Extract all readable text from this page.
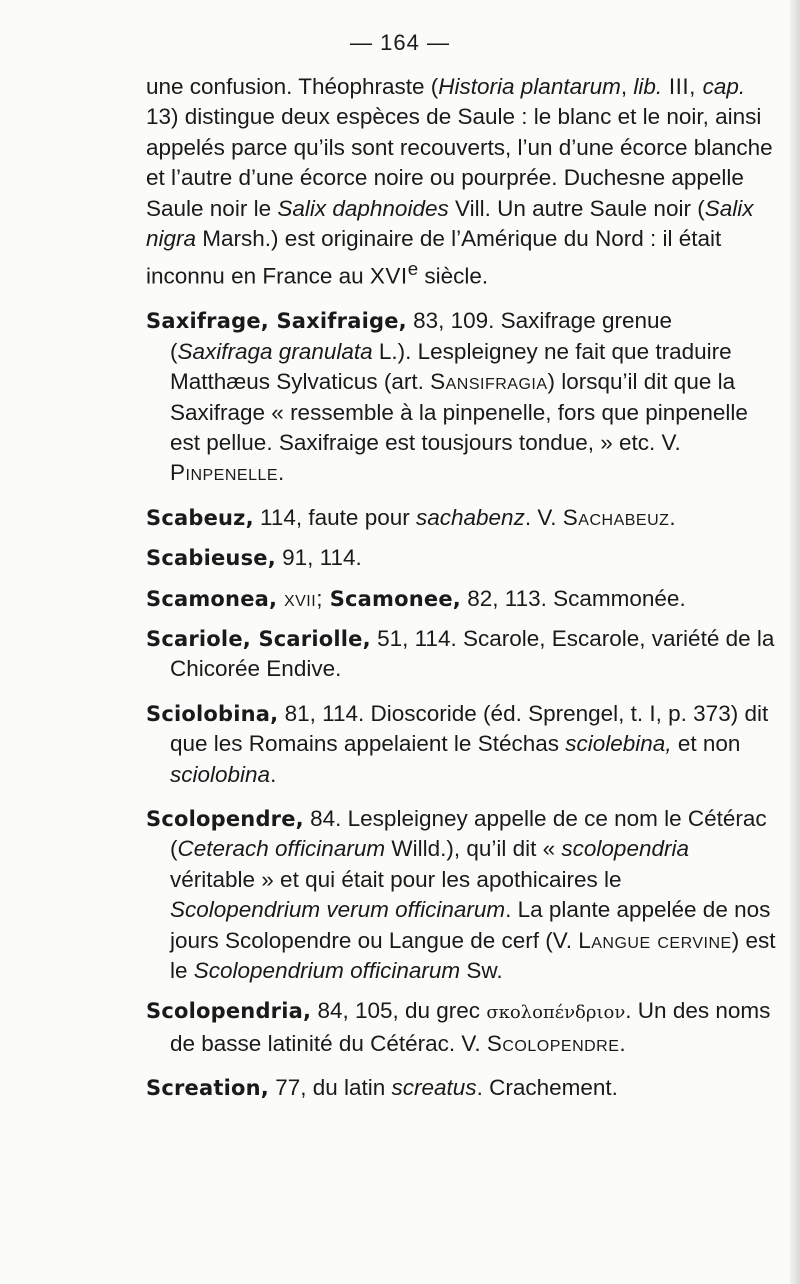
— 164 —

une confusion. Théophraste (Historia plantarum, lib. III, cap. 13) distingue deux espèces de Saule : le blanc et le noir, ainsi appelés parce qu’ils sont recouverts, l’un d’une écorce blanche et l’autre d’une écorce noire ou pourprée. Duchesne appelle Saule noir le Salix daphnoides Vill. Un autre Saule noir (Salix nigra Marsh.) est originaire de l’Amérique du Nord : il était inconnu en France au XVIe siècle.

Saxifrage, Saxifraige, 83, 109. Saxifrage grenue (Saxifraga granulata L.). Lespleigney ne fait que traduire Matthæus Sylvaticus (art. Sansifragia) lorsqu’il dit que la Saxifrage « ressemble à la pinpenelle, fors que pinpenelle est pellue. Saxifraige est tousjours tondue, » etc. V. Pinpenelle.

Scabeuz, 114, faute pour sachabenz. V. Sachabeuz.

Scabieuse, 91, 114.

Scamonea, xvii; Scamonee, 82, 113. Scammonée.

Scariole, Scariolle, 51, 114. Scarole, Escarole, variété de la Chicorée Endive.

Sciolobina, 81, 114. Dioscoride (éd. Sprengel, t. I, p. 373) dit que les Romains appelaient le Stéchas sciolebina, et non sciolobina.

Scolopendre, 84. Lespleigney appelle de ce nom le Cétérac (Ceterach officinarum Willd.), qu’il dit « scolopendria véritable » et qui était pour les apothicaires le Scolopendrium verum officinarum. La plante appelée de nos jours Scolopendre ou Langue de cerf (V. Langue cervine) est le Scolopendrium officinarum Sw.

Scolopendria, 84, 105, du grec σκολοπένδριον. Un des noms de basse latinité du Cétérac. V. Scolopendre.

Screation, 77, du latin screatus. Crachement.
